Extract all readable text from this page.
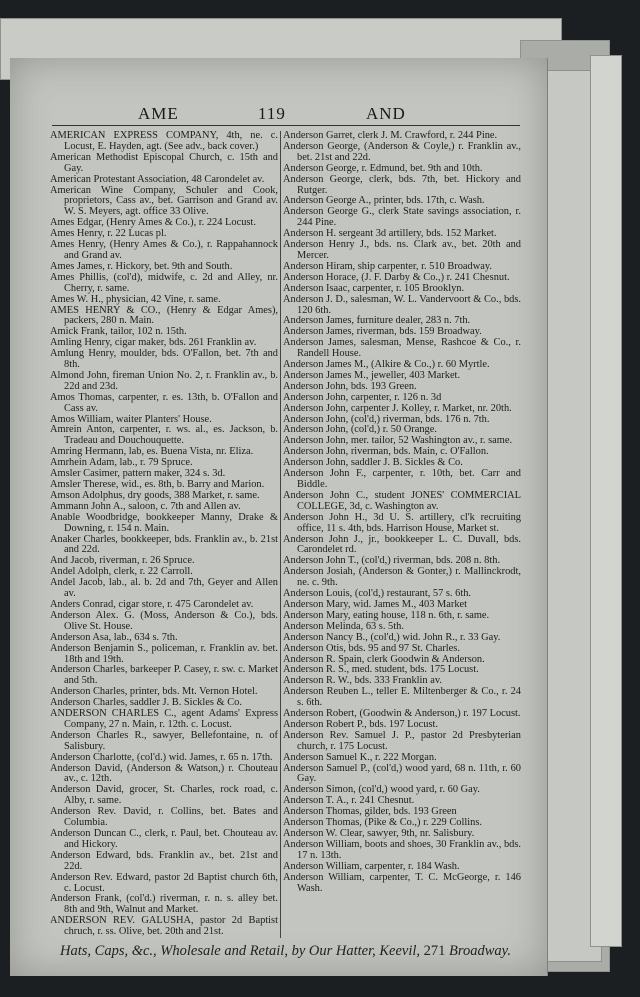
AME	119	AND

AMERICAN EXPRESS COMPANY, 4th, ne. c. Locust, E. Hayden, agt. (See adv., back cover.)

American Methodist Episcopal Church, c. 15th and Gay.

American Protestant Association, 48 Carondelet av.

American Wine Company, Schuler and Cook, proprietors, Cass av., bet. Garrison and Grand av. W. S. Meyers, agt. office 33 Olive.

Ames Edgar, (Henry Ames & Co.), r. 224 Locust.

Ames Henry, r. 22 Lucas pl.

Ames Henry, (Henry Ames & Co.), r. Rappahannock and Grand av.

Ames James, r. Hickory, bet. 9th and South.

Ames Phillis, (col'd), midwife, c. 2d and Alley, nr. Cherry, r. same.

Ames W. H., physician, 42 Vine, r. same.

AMES HENRY & CO., (Henry & Edgar Ames), packers, 280 n. Main.

Amick Frank, tailor, 102 n. 15th.

Amling Henry, cigar maker, bds. 261 Franklin av.

Amlung Henry, moulder, bds. O'Fallon, bet. 7th and 8th.

Almond John, fireman Union No. 2, r. Franklin av., b. 22d and 23d.

Amos Thomas, carpenter, r. es. 13th, b. O'Fallon and Cass av.

Amos William, waiter Planters' House.

Amrein Anton, carpenter, r. ws. al., es. Jackson, b. Tradeau and Douchouquette.

Amring Hermann, lab, es. Buena Vista, nr. Eliza.

Amrhein Adam, lab., r. 79 Spruce.

Amsler Casimer, pattern maker, 324 s. 3d.

Amsler Therese, wid., es. 8th, b. Barry and Marion.

Amson Adolphus, dry goods, 388 Market, r. same.

Ammann John A., saloon, c. 7th and Allen av.

Anable Woodbridge, bookkeeper Manny, Drake & Downing, r. 154 n. Main.

Anaker Charles, bookkeeper, bds. Franklin av., b. 21st and 22d.

And Jacob, riverman, r. 26 Spruce.

Andel Adolph, clerk, r. 22 Carroll.

Andel Jacob, lab., al. b. 2d and 7th, Geyer and Allen av.

Anders Conrad, cigar store, r. 475 Carondelet av.

Anderson Alex. G. (Moss, Anderson & Co.), bds. Olive St. House.

Anderson Asa, lab., 634 s. 7th.

Anderson Benjamin S., policeman, r. Franklin av. bet. 18th and 19th.

Anderson Charles, barkeeper P. Casey, r. sw. c. Market and 5th.

Anderson Charles, printer, bds. Mt. Vernon Hotel.

Anderson Charles, saddler J. B. Sickles & Co.

ANDERSON CHARLES C., agent Adams' Express Company, 27 n. Main, r. 12th. c. Locust.

Anderson Charles R., sawyer, Bellefontaine, n. of Salisbury.

Anderson Charlotte, (col'd.) wid. James, r. 65 n. 17th.

Anderson David, (Anderson & Watson,) r. Chouteau av., c. 12th.

Anderson David, grocer, St. Charles, rock road, c. Alby, r. same.

Anderson Rev. David, r. Collins, bet. Bates and Columbia.

Anderson Duncan C., clerk, r. Paul, bet. Chouteau av. and Hickory.

Anderson Edward, bds. Franklin av., bet. 21st and 22d.

Anderson Rev. Edward, pastor 2d Baptist church 6th, c. Locust.

Anderson Frank, (col'd.) riverman, r. n. s. alley bet. 8th and 9th, Walnut and Market.

ANDERSON REV. GALUSHA, pastor 2d Baptist chruch, r. ss. Olive, bet. 20th and 21st.

Anderson Garret, clerk J. M. Crawford, r. 244 Pine.

Anderson George, (Anderson & Coyle,) r. Franklin av., bet. 21st and 22d.

Anderson George, r. Edmund, bet. 9th and 10th.

Anderson George, clerk, bds. 7th, bet. Hickory and Rutger.

Anderson George A., printer, bds. 17th, c. Wash.

Anderson George G., clerk State savings association, r. 244 Pine.

Anderson H. sergeant 3d artillery, bds. 152 Market.

Anderson Henry J., bds. ns. Clark av., bet. 20th and Mercer.

Anderson Hiram, ship carpenter, r. 510 Broadway.

Anderson Horace, (J. F. Darby & Co.,) r. 241 Chesnut.

Anderson Isaac, carpenter, r. 105 Brooklyn.

Anderson J. D., salesman, W. L. Vandervoort & Co., bds. 120 6th.

Anderson James, furniture dealer, 283 n. 7th.

Anderson James, riverman, bds. 159 Broadway.

Anderson James, salesman, Mense, Rashcoe & Co., r. Randell House.

Anderson James M., (Alkire & Co.,) r. 60 Myrtle.

Anderson James M., jeweller, 403 Market.

Anderson John, bds. 193 Green.

Anderson John, carpenter, r. 126 n. 3d

Anderson John, carpenter J. Kolley, r. Market, nr. 20th.

Anderson John, (col'd,) riverman, bds. 176 n. 7th.

Anderson John, (col'd,) r. 50 Orange.

Anderson John, mer. tailor, 52 Washington av., r. same.

Anderson John, riverman, bds. Main, c. O'Fallon.

Anderson John, saddler J. B. Sickles & Co.

Anderson John F., carpenter, r. 10th, bet. Carr and Biddle.

Anderson John C., student JONES' COMMERCIAL COLLEGE, 3d, c. Washington av.

Anderson John H., 3d U. S. artillery, cl'k recruiting office, 11 s. 4th, bds. Harrison House, Market st.

Anderson John J., jr., bookkeeper L. C. Duvall, bds. Carondelet rd.

Anderson John T., (col'd,) riverman, bds. 208 n. 8th.

Anderson Josiah, (Anderson & Gonter,) r. Mallinckrodt, ne. c. 9th.

Anderson Louis, (col'd,) restaurant, 57 s. 6th.

Anderson Mary, wid. James M., 403 Market

Anderson Mary, eating house, 118 n. 6th, r. same.

Anderson Melinda, 63 s. 5th.

Anderson Nancy B., (col'd,) wid. John R., r. 33 Gay.

Anderson Otis, bds. 95 and 97 St. Charles.

Anderson R. Spain, clerk Goodwin & Anderson.

Anderson R. S., med. student, bds. 175 Locust.

Anderson R. W., bds. 333 Franklin av.

Anderson Reuben L., teller E. Miltenberger & Co., r. 24 s. 6th.

Anderson Robert, (Goodwin & Anderson,) r. 197 Locust.

Anderson Robert P., bds. 197 Locust.

Anderson Rev. Samuel J. P., pastor 2d Presbyterian church, r. 175 Locust.

Anderson Samuel K., r. 222 Morgan.

Anderson Samuel P., (col'd,) wood yard, 68 n. 11th, r. 60 Gay.

Anderson Simon, (col'd,) wood yard, r. 60 Gay.

Anderson T. A., r. 241 Chesnut.

Anderson Thomas, gilder, bds. 193 Green

Anderson Thomas, (Pike & Co.,) r. 229 Collins.

Anderson W. Clear, sawyer, 9th, nr. Salisbury.

Anderson William, boots and shoes, 30 Franklin av., bds. 17 n. 13th.

Anderson William, carpenter, r. 184 Wash.

Anderson William, carpenter, T. C. McGeorge, r. 146 Wash.

Hats, Caps, &c., Wholesale and Retail, by Our Hatter, Keevil, 271 Broadway.
